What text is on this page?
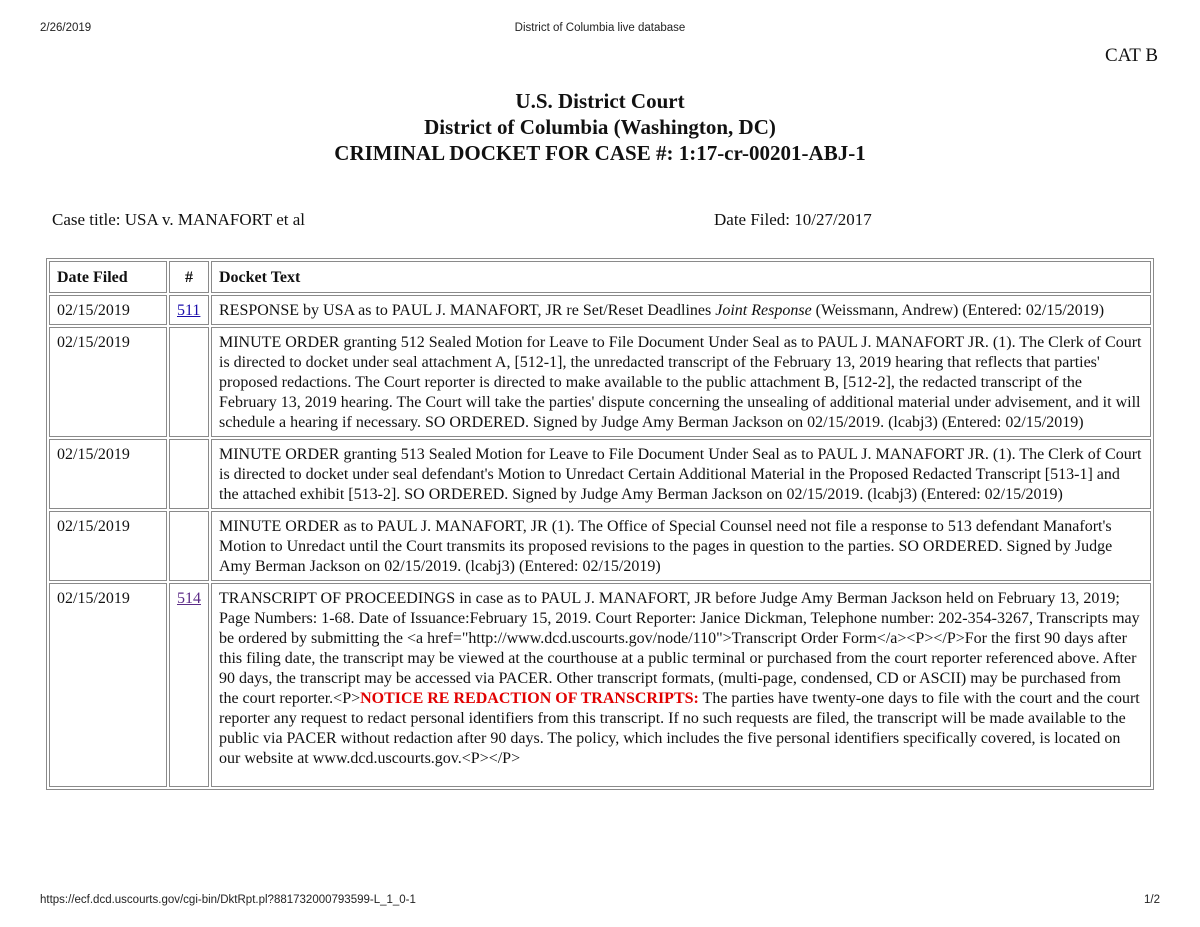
2/26/2019	District of Columbia live database
CAT B
U.S. District Court
District of Columbia (Washington, DC)
CRIMINAL DOCKET FOR CASE #: 1:17-cr-00201-ABJ-1
Case title: USA v. MANAFORT et al	Date Filed: 10/27/2017
Date Filed	#	Docket Text
02/15/2019	511	RESPONSE by USA as to PAUL J. MANAFORT, JR re Set/Reset Deadlines Joint Response (Weissmann, Andrew) (Entered: 02/15/2019)
02/15/2019		MINUTE ORDER granting 512 Sealed Motion for Leave to File Document Under Seal as to PAUL J. MANAFORT JR. (1). The Clerk of Court is directed to docket under seal attachment A, [512-1], the unredacted transcript of the February 13, 2019 hearing that reflects that parties' proposed redactions. The Court reporter is directed to make available to the public attachment B, [512-2], the redacted transcript of the February 13, 2019 hearing. The Court will take the parties' dispute concerning the unsealing of additional material under advisement, and it will schedule a hearing if necessary. SO ORDERED. Signed by Judge Amy Berman Jackson on 02/15/2019. (lcabj3) (Entered: 02/15/2019)
02/15/2019		MINUTE ORDER granting 513 Sealed Motion for Leave to File Document Under Seal as to PAUL J. MANAFORT JR. (1). The Clerk of Court is directed to docket under seal defendant's Motion to Unredact Certain Additional Material in the Proposed Redacted Transcript [513-1] and the attached exhibit [513-2]. SO ORDERED. Signed by Judge Amy Berman Jackson on 02/15/2019. (lcabj3) (Entered: 02/15/2019)
02/15/2019		MINUTE ORDER as to PAUL J. MANAFORT, JR (1). The Office of Special Counsel need not file a response to 513 defendant Manafort's Motion to Unredact until the Court transmits its proposed revisions to the pages in question to the parties. SO ORDERED. Signed by Judge Amy Berman Jackson on 02/15/2019. (lcabj3) (Entered: 02/15/2019)
02/15/2019	514	TRANSCRIPT OF PROCEEDINGS in case as to PAUL J. MANAFORT, JR before Judge Amy Berman Jackson held on February 13, 2019; Page Numbers: 1-68. Date of Issuance:February 15, 2019. Court Reporter: Janice Dickman, Telephone number: 202-354-3267, Transcripts may be ordered by submitting the <a href="http://www.dcd.uscourts.gov/node/110">Transcript Order Form</a><P></P>For the first 90 days after this filing date, the transcript may be viewed at the courthouse at a public terminal or purchased from the court reporter referenced above. After 90 days, the transcript may be accessed via PACER. Other transcript formats, (multi-page, condensed, CD or ASCII) may be purchased from the court reporter.<P>NOTICE RE REDACTION OF TRANSCRIPTS: The parties have twenty-one days to file with the court and the court reporter any request to redact personal identifiers from this transcript. If no such requests are filed, the transcript will be made available to the public via PACER without redaction after 90 days. The policy, which includes the five personal identifiers specifically covered, is located on our website at www.dcd.uscourts.gov.<P></P>
https://ecf.dcd.uscourts.gov/cgi-bin/DktRpt.pl?881732000793599-L_1_0-1	1/2
